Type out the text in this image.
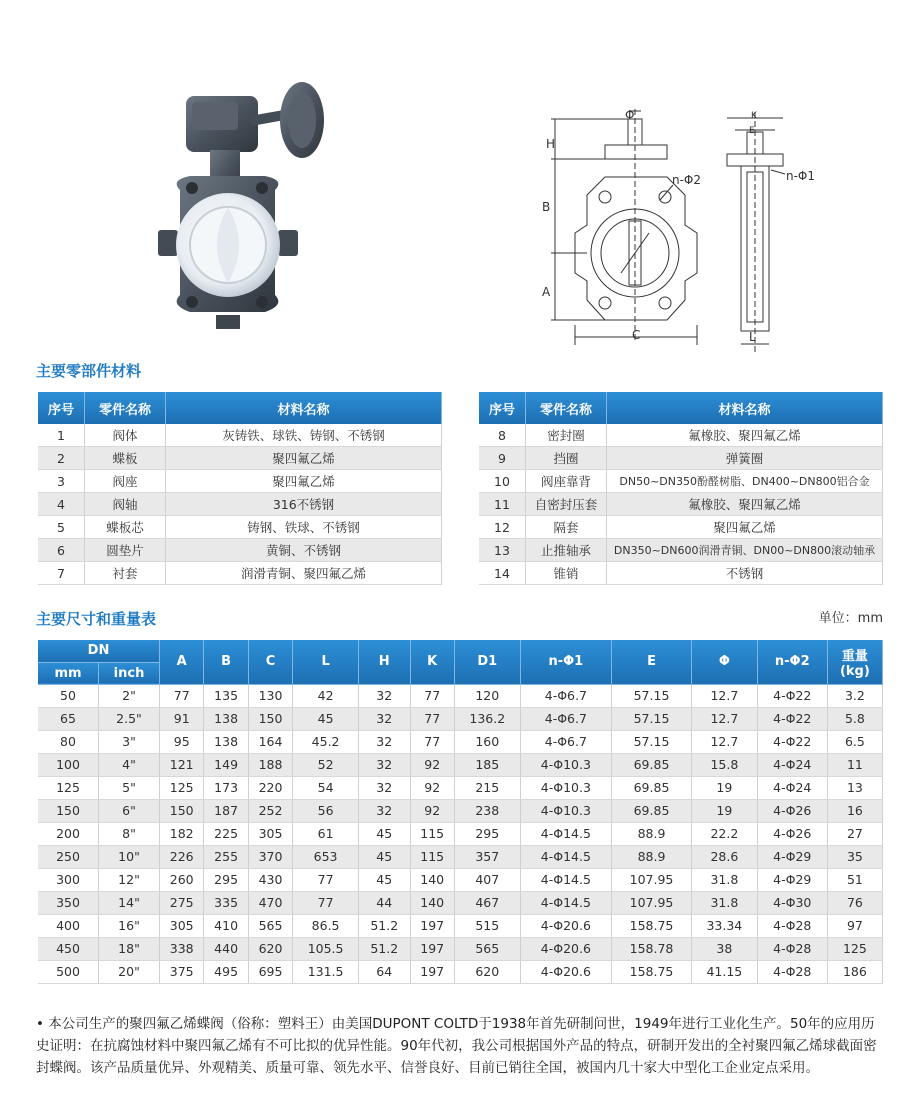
H
B
A
C
Φ
n-Φ2
K
E
n-Φ1
L
主要零部件材料
序号	零件名称	材料名称
1	阀体	灰铸铁、球铁、铸钢、不锈钢
2	蝶板	聚四氟乙烯
3	阀座	聚四氟乙烯
4	阀轴	316不锈钢
5	蝶板芯	铸钢、铁球、不锈钢
6	圆垫片	黄铜、不锈钢
7	衬套	润滑青铜、聚四氟乙烯
序号	零件名称	材料名称
8	密封圈	氟橡胶、聚四氟乙烯
9	挡圈	弹簧圈
10	阀座靠背	DN50~DN350酚醛树脂、DN400~DN800铝合金
11	自密封压套	氟橡胶、聚四氟乙烯
12	隔套	聚四氟乙烯
13	止推轴承	DN350~DN600润滑青铜、DN00~DN800滚动轴承
14	锥销	不锈钢
主要尺寸和重量表	单位：mm
DN		A	B	C	L	H	K	D1	n-Φ1	E	Φ	n-Φ2	重量
(kg)

mm	inch												
50	2"	77	135	130	42	32	77	120	4-Φ6.7	57.15	12.7	4-Φ22	3.2
65	2.5"	91	138	150	45	32	77	136.2	4-Φ6.7	57.15	12.7	4-Φ22	5.8
80	3"	95	138	164	45.2	32	77	160	4-Φ6.7	57.15	12.7	4-Φ22	6.5
100	4"	121	149	188	52	32	92	185	4-Φ10.3	69.85	15.8	4-Φ24	11
125	5"	125	173	220	54	32	92	215	4-Φ10.3	69.85	19	4-Φ24	13
150	6"	150	187	252	56	32	92	238	4-Φ10.3	69.85	19	4-Φ26	16
200	8"	182	225	305	61	45	115	295	4-Φ14.5	88.9	22.2	4-Φ26	27
250	10"	226	255	370	653	45	115	357	4-Φ14.5	88.9	28.6	4-Φ29	35
300	12"	260	295	430	77	45	140	407	4-Φ14.5	107.95	31.8	4-Φ29	51
350	14"	275	335	470	77	44	140	467	4-Φ14.5	107.95	31.8	4-Φ30	76
400	16"	305	410	565	86.5	51.2	197	515	4-Φ20.6	158.75	33.34	4-Φ28	97
450	18"	338	440	620	105.5	51.2	197	565	4-Φ20.6	158.78	38	4-Φ28	125
500	20"	375	495	695	131.5	64	197	620	4-Φ20.6	158.75	41.15	4-Φ28	186
• 本公司生产的聚四氟乙烯蝶阀（俗称：塑料王）由美国DUPONT COLTD于1938年首先研制问世，1949年进行工业化生产。50年的应用历史证明：在抗腐蚀材料中聚四氟乙烯有不可比拟的优异性能。90年代初，我公司根据国外产品的特点，研制开发出的全衬聚四氟乙烯球截面密封蝶阀。该产品质量优异、外观精美、质量可靠、领先水平、信誉良好、目前已销往全国，被国内几十家大中型化工企业定点采用。
